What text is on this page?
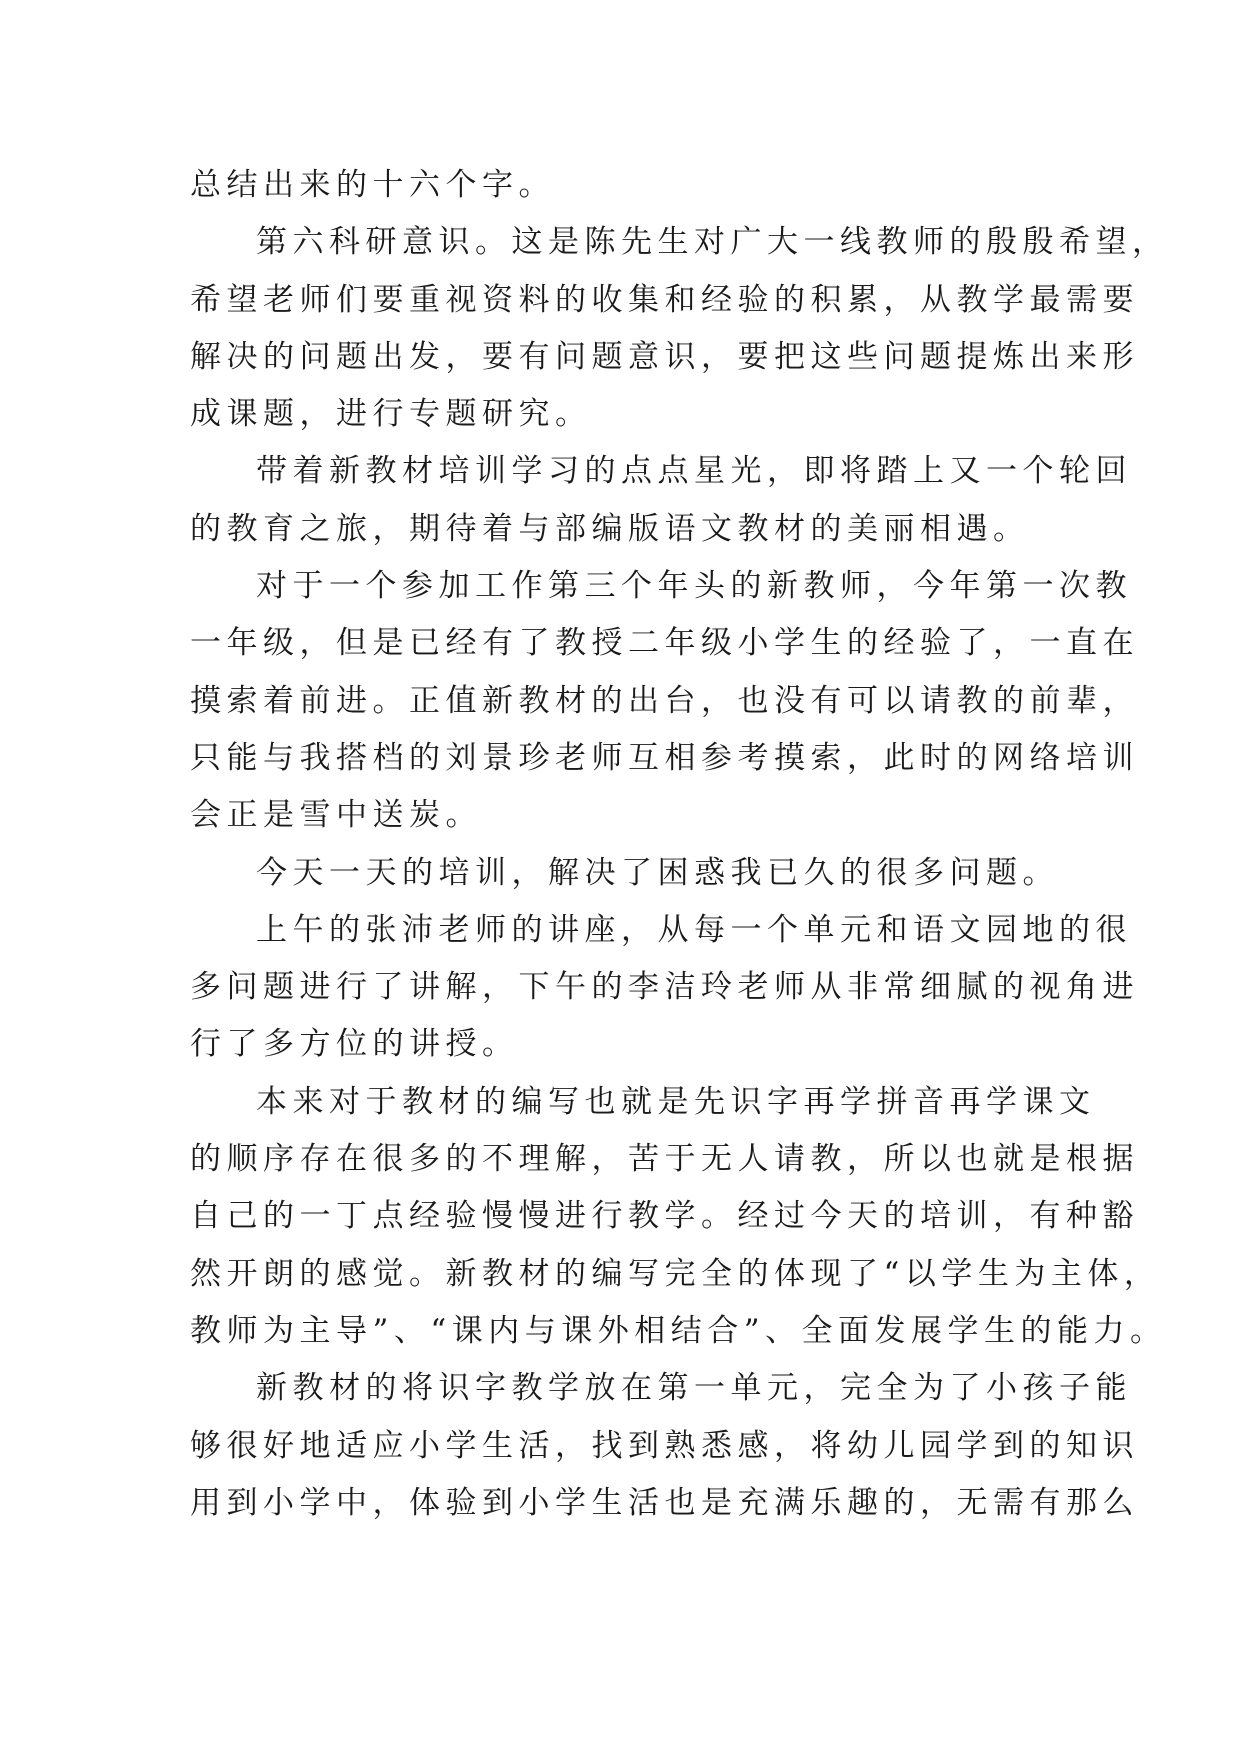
总结出来的十六个字。
第六科研意识。这是陈先生对广大一线教师的殷殷希望，
希望老师们要重视资料的收集和经验的积累，从教学最需要
解决的问题出发，要有问题意识，要把这些问题提炼出来形
成课题，进行专题研究。
带着新教材培训学习的点点星光，即将踏上又一个轮回
的教育之旅，期待着与部编版语文教材的美丽相遇。
对于一个参加工作第三个年头的新教师，今年第一次教
一年级，但是已经有了教授二年级小学生的经验了，一直在
摸索着前进。正值新教材的出台，也没有可以请教的前辈，
只能与我搭档的刘景珍老师互相参考摸索，此时的网络培训
会正是雪中送炭。
今天一天的培训，解决了困惑我已久的很多问题。
上午的张沛老师的讲座，从每一个单元和语文园地的很
多问题进行了讲解，下午的李洁玲老师从非常细腻的视角进
行了多方位的讲授。
本来对于教材的编写也就是先识字再学拼音再学课文
的顺序存在很多的不理解，苦于无人请教，所以也就是根据
自己的一丁点经验慢慢进行教学。经过今天的培训，有种豁
然开朗的感觉。新教材的编写完全的体现了“以学生为主体，
教师为主导”、“课内与课外相结合”、全面发展学生的能力。
新教材的将识字教学放在第一单元，完全为了小孩子能
够很好地适应小学生活，找到熟悉感，将幼儿园学到的知识
用到小学中，体验到小学生活也是充满乐趣的，无需有那么
